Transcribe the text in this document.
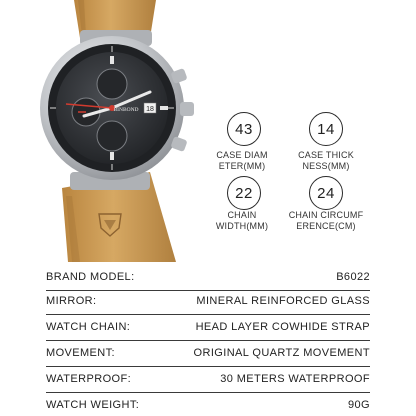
18
BINBOND
43
CASE DIAM
ETER(MM)
14
CASE THICK
NESS(MM)
22
CHAIN
WIDTH(MM)
24
CHAIN CIRCUMF
ERENCE(CM)
BRAND MODEL:	B6022
MIRROR:	MINERAL REINFORCED GLASS
WATCH CHAIN:	HEAD LAYER COWHIDE STRAP
MOVEMENT:	ORIGINAL QUARTZ MOVEMENT
WATERPROOF:	30 METERS WATERPROOF
WATCH WEIGHT:	90G
